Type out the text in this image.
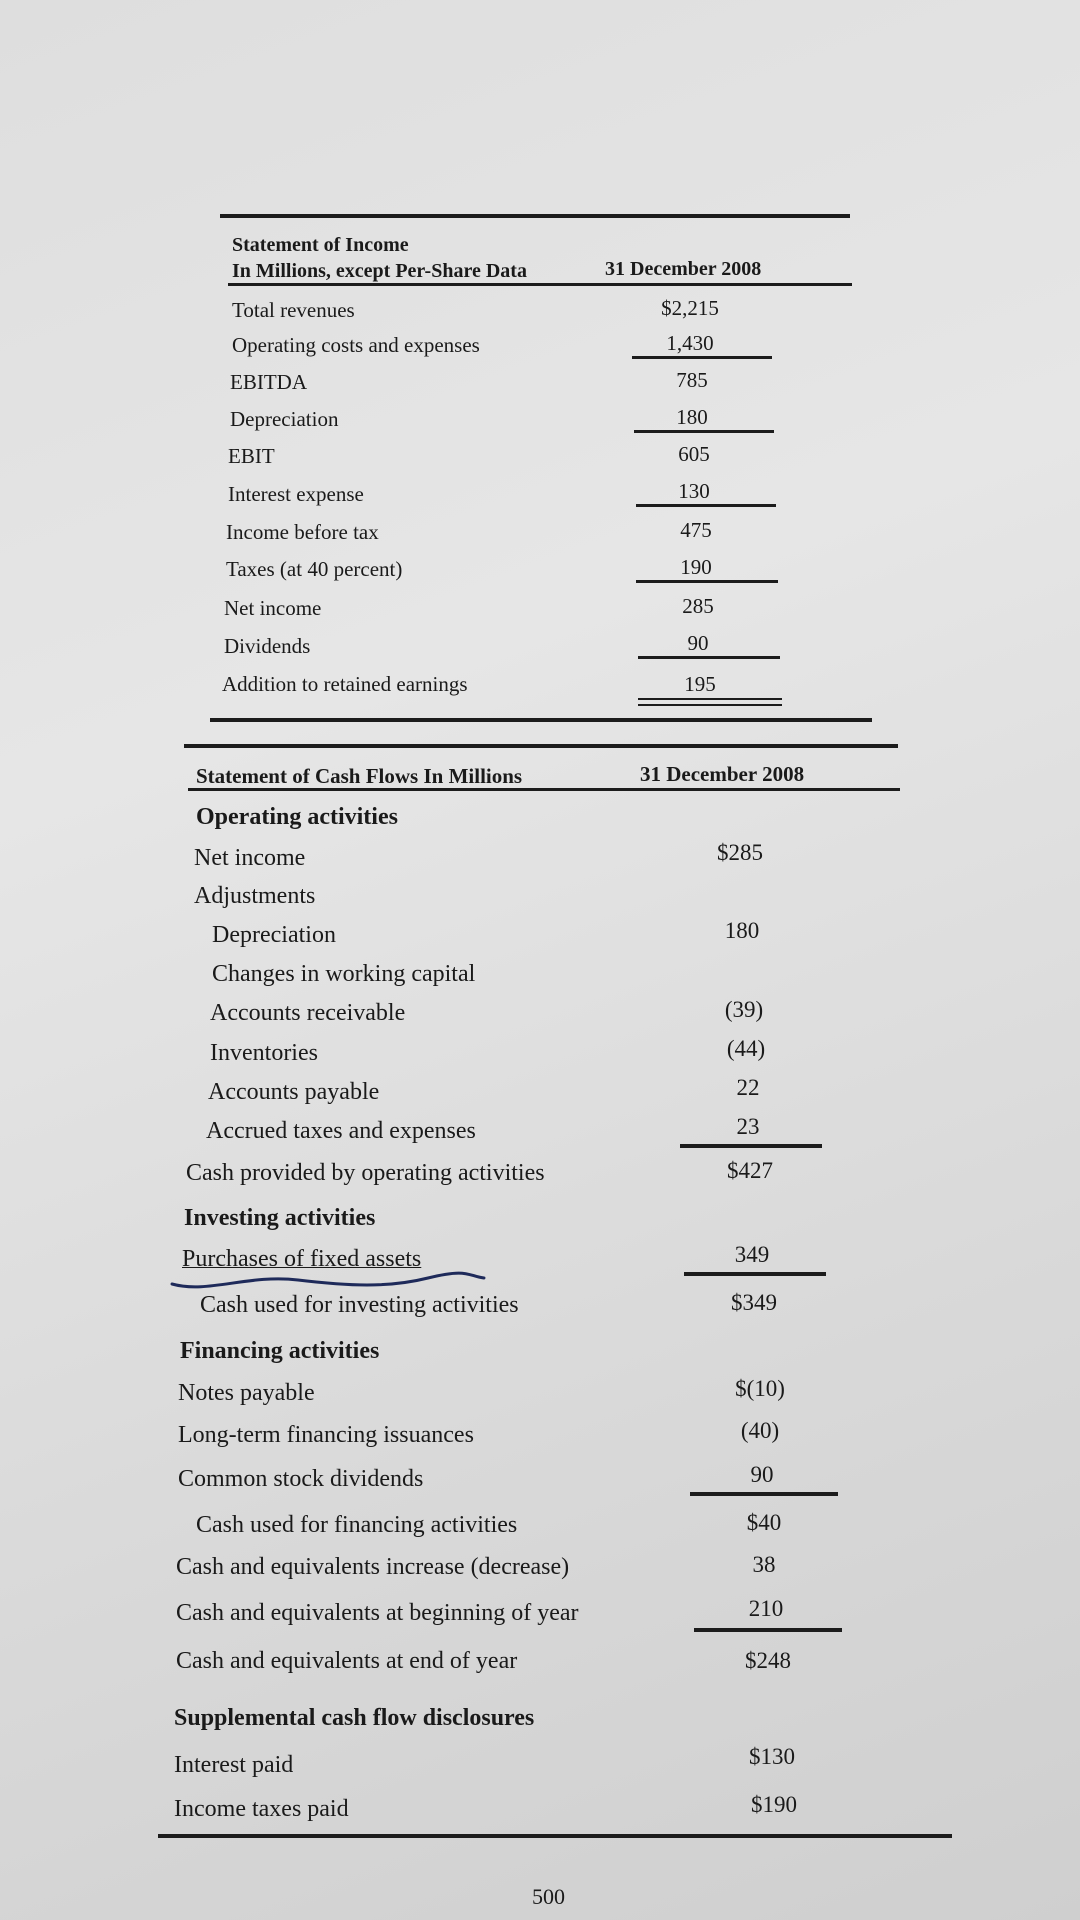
Statement of Income
In Millions, except Per-Share Data	31 December 2008
Total revenues	$2,215
Operating costs and expenses	1,430
EBITDA	785
Depreciation	180
EBIT	605
Interest expense	130
Income before tax	475
Taxes (at 40 percent)	190
Net income	285
Dividends	90
Addition to retained earnings	195
Statement of Cash Flows In Millions	31 December 2008
Operating activities
Net income	$285
Adjustments
Depreciation	180
Changes in working capital
Accounts receivable	(39)
Inventories	(44)
Accounts payable	22
Accrued taxes and expenses	23
Cash provided by operating activities	$427
Investing activities
Purchases of fixed assets	349
Cash used for investing activities	$349
Financing activities
Notes payable	$(10)
Long-term financing issuances	(40)
Common stock dividends	90
Cash used for financing activities	$40
Cash and equivalents increase (decrease)	38
Cash and equivalents at beginning of year	210
Cash and equivalents at end of year	$248
Supplemental cash flow disclosures
Interest paid	$130
Income taxes paid	$190
500
